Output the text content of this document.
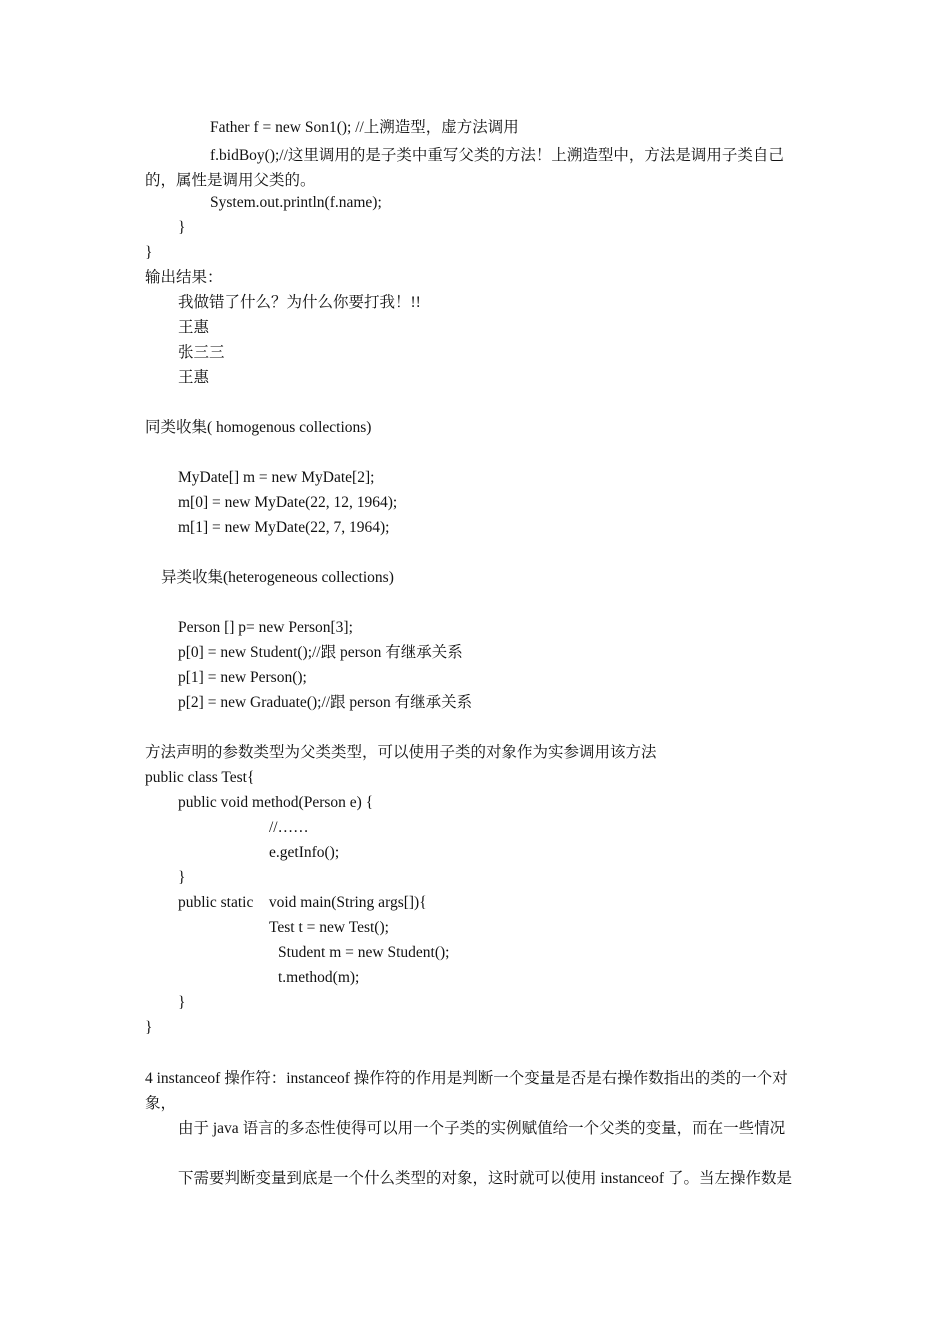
Father f = new Son1(); //上溯造型，虚方法调用
f.bidBoy();//这里调用的是子类中重写父类的方法！上溯造型中，方法是调用子类自己的，属性是调用父类的。
System.out.println(f.name);
}
}
输出结果：
我做错了什么？为什么你要打我！!!
王惠
张三三
王惠
同类收集( homogenous collections)
MyDate[] m = new MyDate[2];
m[0] = new MyDate(22, 12, 1964);
m[1] = new MyDate(22, 7, 1964);
异类收集(heterogeneous collections)
Person [] p= new Person[3];
p[0] = new Student();//跟 person 有继承关系
p[1] = new Person();
p[2] = new Graduate();//跟 person 有继承关系
方法声明的参数类型为父类类型，可以使用子类的对象作为实参调用该方法
public class Test{
public void method(Person e) {
//……
e.getInfo();
}
public static    void main(String args[]){
Test t = new Test();
Student m = new Student();
t.method(m);
}
}
4 instanceof 操作符：instanceof 操作符的作用是判断一个变量是否是右操作数指出的类的一个对象，
由于 java 语言的多态性使得可以用一个子类的实例赋值给一个父类的变量，而在一些情况
下需要判断变量到底是一个什么类型的对象，这时就可以使用 instanceof 了。当左操作数是
